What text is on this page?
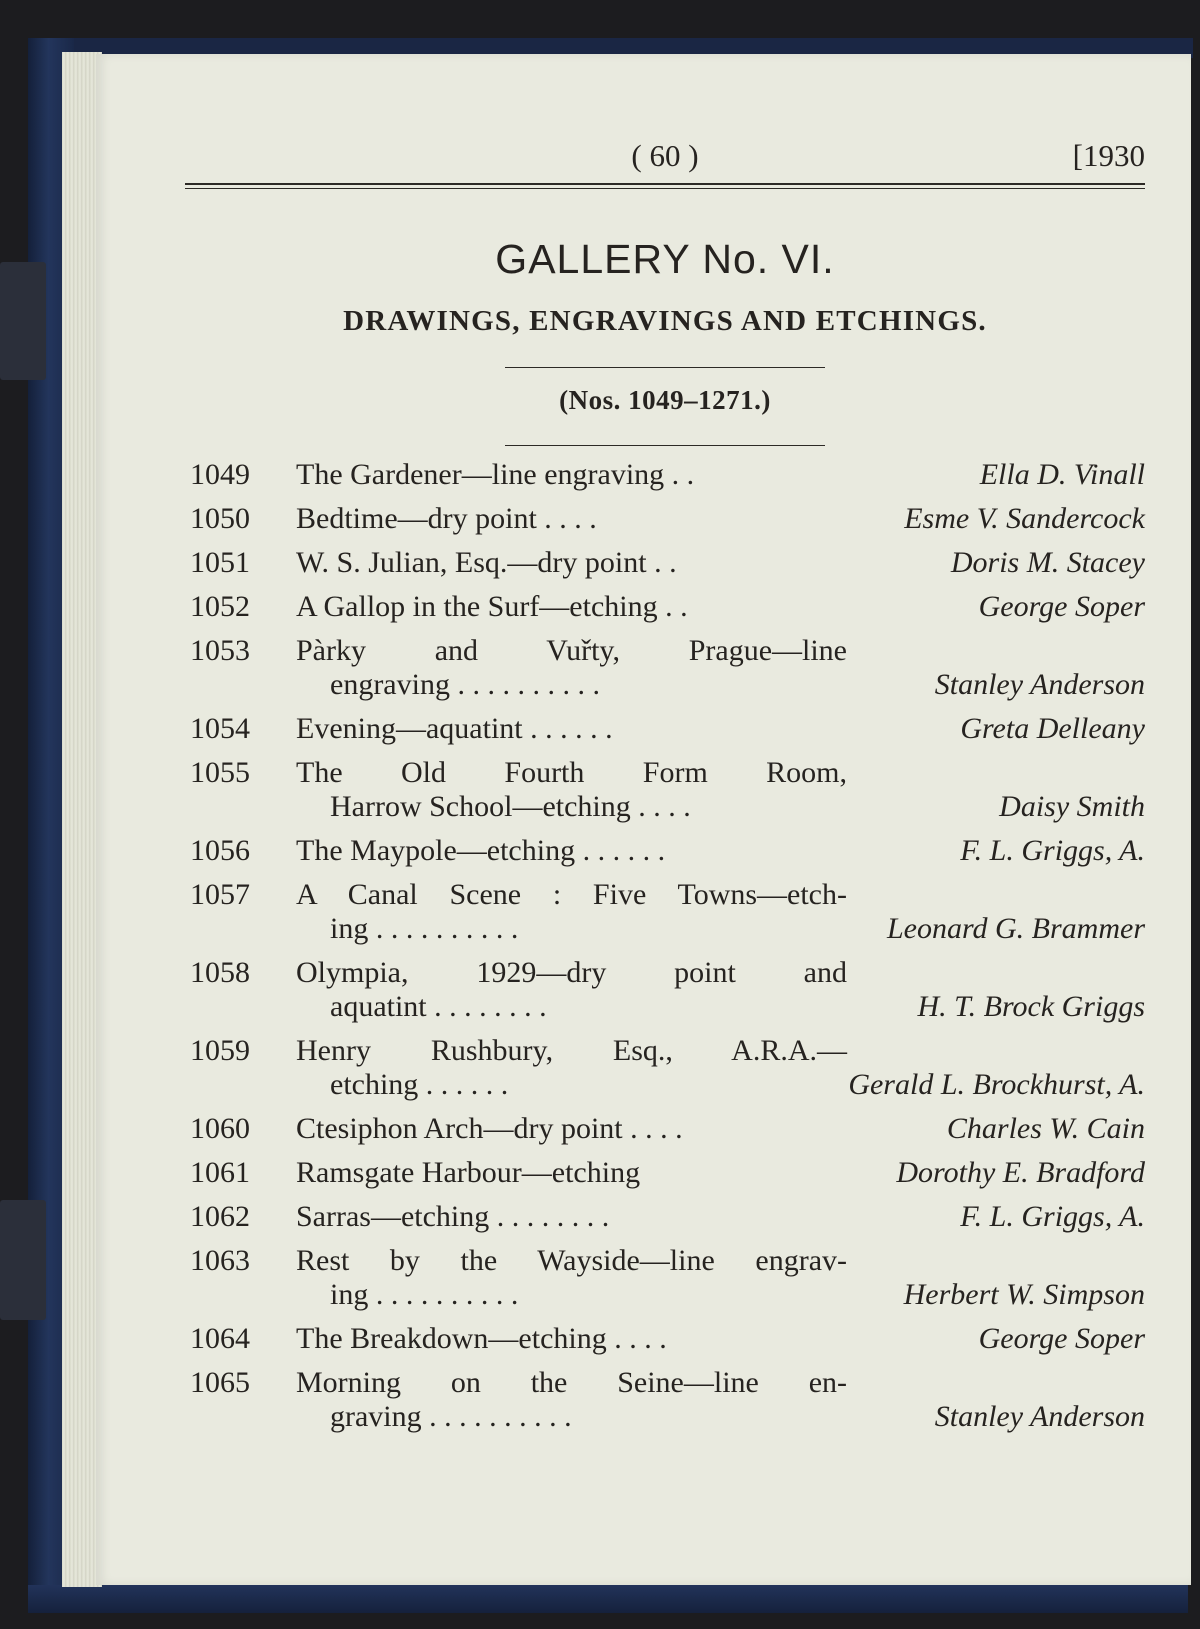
( 60 )	[1930
GALLERY No. VI.
DRAWINGS, ENGRAVINGS AND ETCHINGS.
(Nos. 1049–1271.)
1049	The Gardener—line engraving . .	Ella D. Vinall
1050	Bedtime—dry point . . . .	Esme V. Sandercock
1051	W. S. Julian, Esq.—dry point . .	Doris M. Stacey
1052	A Gallop in the Surf—etching . .	George Soper
1053	Pàrky and Vuřty, Prague—line
engraving . . . . . . . . . .	Stanley Anderson
1054	Evening—aquatint . . . . . .	Greta Delleany
1055	The Old Fourth Form Room,
Harrow School—etching . . . .	Daisy Smith
1056	The Maypole—etching . . . . . .	F. L. Griggs, A.
1057	A Canal Scene : Five Towns—etch-
ing . . . . . . . . . .	Leonard G. Brammer
1058	Olympia, 1929—dry point and
aquatint . . . . . . . .	H. T. Brock Griggs
1059	Henry Rushbury, Esq., A.R.A.—
etching . . . . . .	Gerald L. Brockhurst, A.
1060	Ctesiphon Arch—dry point . . . .	Charles W. Cain
1061	Ramsgate Harbour—etching	Dorothy E. Bradford
1062	Sarras—etching . . . . . . . .	F. L. Griggs, A.
1063	Rest by the Wayside—line engrav-
ing . . . . . . . . . .	Herbert W. Simpson
1064	The Breakdown—etching . . . .	George Soper
1065	Morning on the Seine—line en-
graving . . . . . . . . . .	Stanley Anderson
